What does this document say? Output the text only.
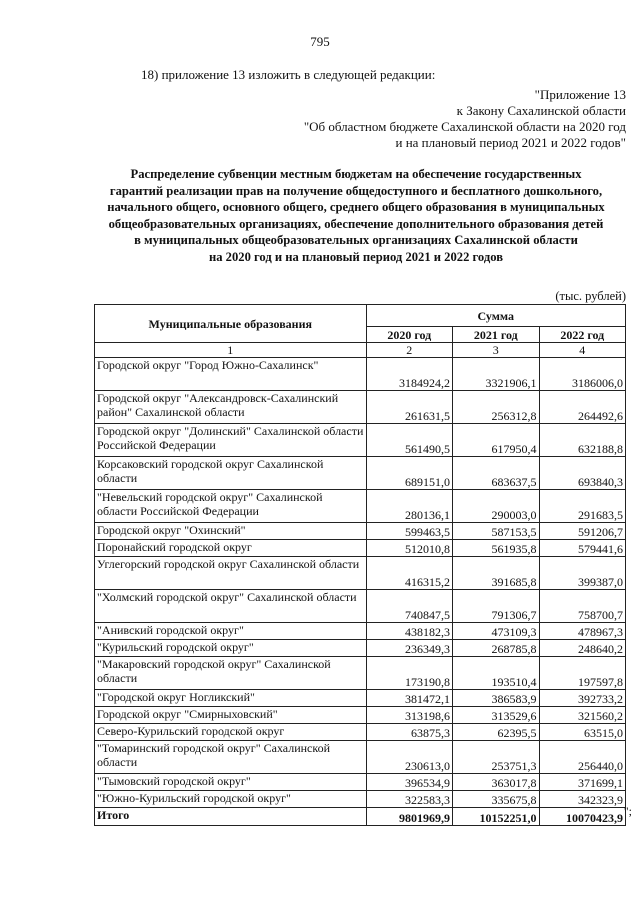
795
18) приложение 13 изложить в следующей редакции:
"Приложение 13
к Закону Сахалинской области
"Об областном бюджете Сахалинской области на 2020 год
и на плановый период 2021 и 2022 годов"
Распределение субвенции местным бюджетам на обеспечение государственных
гарантий реализации прав на получение общедоступного и бесплатного дошкольного,
начального общего, основного общего, среднего общего образования в муниципальных
общеобразовательных организациях, обеспечение дополнительного образования детей
в муниципальных общеобразовательных организациях Сахалинской области
на 2020 год и на плановый период 2021 и 2022 годов
(тыс. рублей)
Муниципальные образования	Сумма		
	2020 год	2021 год	2022 год
1	2	3	4
Городской округ "Город Южно-Сахалинск"	3184924,2	3321906,1	3186006,0
Городской округ "Александровск-Сахалинский район" Сахалинской области	261631,5	256312,8	264492,6
Городской округ "Долинский" Сахалинской области Российской Федерации	561490,5	617950,4	632188,8
Корсаковский городской округ Сахалинской области	689151,0	683637,5	693840,3
"Невельский городской округ" Сахалинской области Российской Федерации	280136,1	290003,0	291683,5
Городской округ "Охинский"	599463,5	587153,5	591206,7
Поронайский городской округ	512010,8	561935,8	579441,6
Углегорский городской округ Сахалинской области	416315,2	391685,8	399387,0
"Холмский городской округ" Сахалинской области	740847,5	791306,7	758700,7
"Анивский городской округ"	438182,3	473109,3	478967,3
"Курильский городской округ"	236349,3	268785,8	248640,2
"Макаровский городской округ" Сахалинской области	173190,8	193510,4	197597,8
"Городской округ Ногликский"	381472,1	386583,9	392733,2
Городской округ "Смирныховский"	313198,6	313529,6	321560,2
Северо-Курильский городской округ	63875,3	62395,5	63515,0
"Томаринский городской округ" Сахалинской области	230613,0	253751,3	256440,0
"Тымовский городской округ"	396534,9	363017,8	371699,1
"Южно-Курильский городской округ"	322583,3	335675,8	342323,9
Итого	9801969,9	10152251,0	10070423,9 ";
